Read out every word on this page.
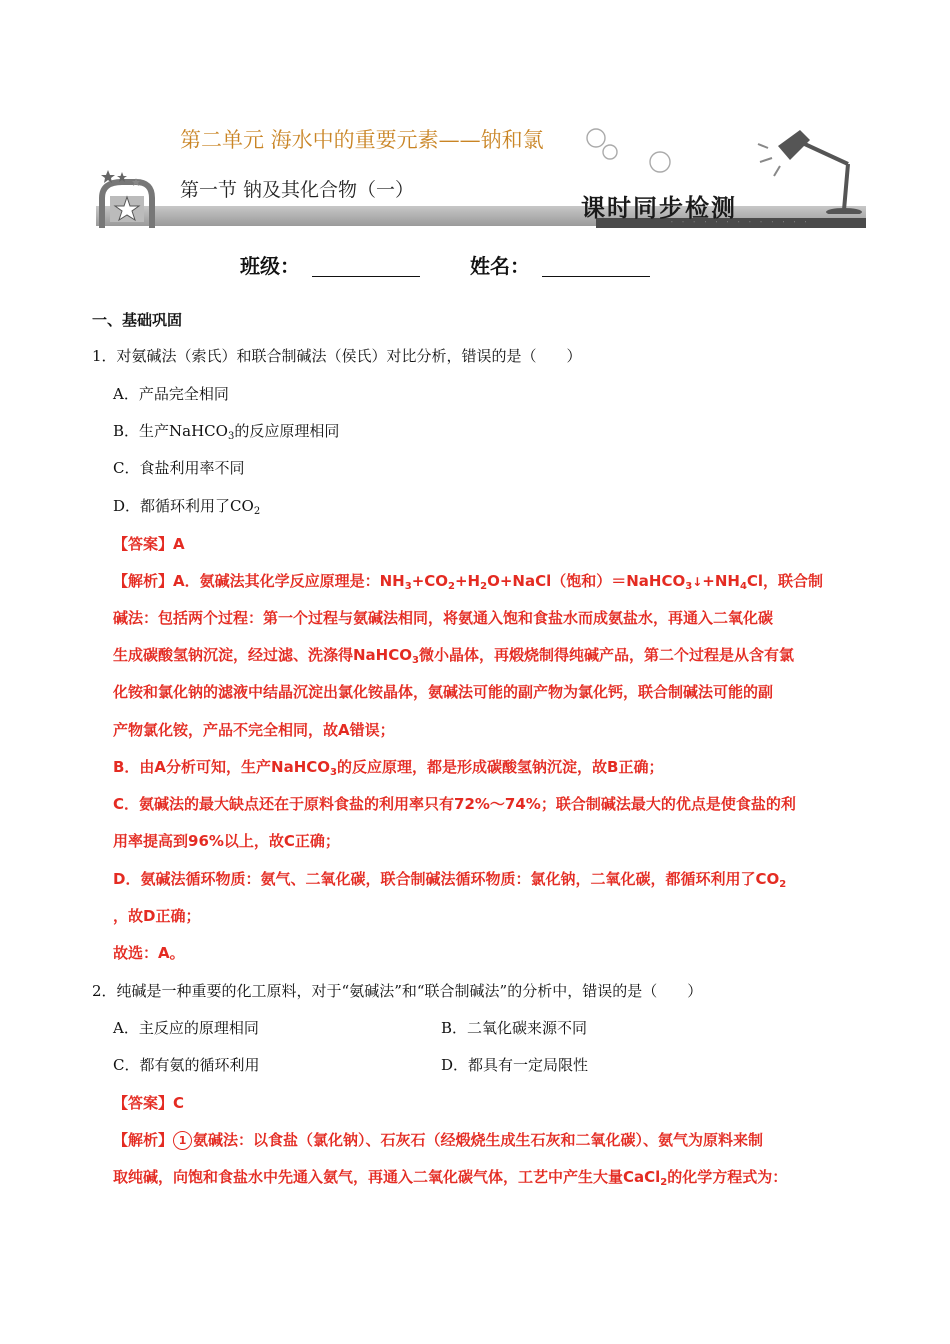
ᐧ ᐧ ᐧ ᐧ ᐧ ᐧ ᐧ ᐧ ᐧ ᐧ ᐧ ᐧ ᐧ
第二单元 海水中的重要元素——钠和氯
第一节 钠及其化合物（一）
课时同步检测
班级：	姓名：
一、基础巩固
1．对氨碱法（索氏）和联合制碱法（侯氏）对比分析，错误的是（　　）
A．产品完全相同
B．生产NaHCO$_3$的反应原理相同
C．食盐利用率不同
D．都循环利用了$CO_2$
【答案】A
【解析】A．氨碱法其化学反应原理是：$NH_3+CO_2+H_2O+NaCl$（饱和）$=NaHCO_3↓+NH_4Cl$，联合制
碱法：包括两个过程：第一个过程与氨碱法相同，将氨通入饱和食盐水而成氨盐水，再通入二氧化碳
生成碳酸氢钠沉淀，经过滤、洗涤得NaHCO$_3$微小晶体，再煅烧制得纯碱产品，第二个过程是从含有氯
化铵和氯化钠的滤液中结晶沉淀出氯化铵晶体，氨碱法可能的副产物为氯化钙，联合制碱法可能的副
产物氯化铵，产品不完全相同，故A错误；
B．由A分析可知，生产NaHCO$_3$的反应原理，都是形成碳酸氢钠沉淀，故B正确；
C．氨碱法的最大缺点还在于原料食盐的利用率只有72%～74%；联合制碱法最大的优点是使食盐的利
用率提高到96%以上，故C正确；
D．氨碱法循环物质：氨气、二氧化碳，联合制碱法循环物质：氯化钠，二氧化碳，都循环利用了$CO_2$
，故D正确；
故选：A。
2．纯碱是一种重要的化工原料，对于“氨碱法”和“联合制碱法”的分析中，错误的是（　　）
A．主反应的原理相同	B．二氧化碳来源不同
C．都有氨的循环利用	D．都具有一定局限性
【答案】C
【解析】 1 氨碱法：以食盐（氯化钠）、石灰石（经煅烧生成生石灰和二氧化碳）、氨气为原料来制
取纯碱，向饱和食盐水中先通入氨气，再通入二氧化碳气体，工艺中产生大量CaCl$_2$的化学方程式为：
